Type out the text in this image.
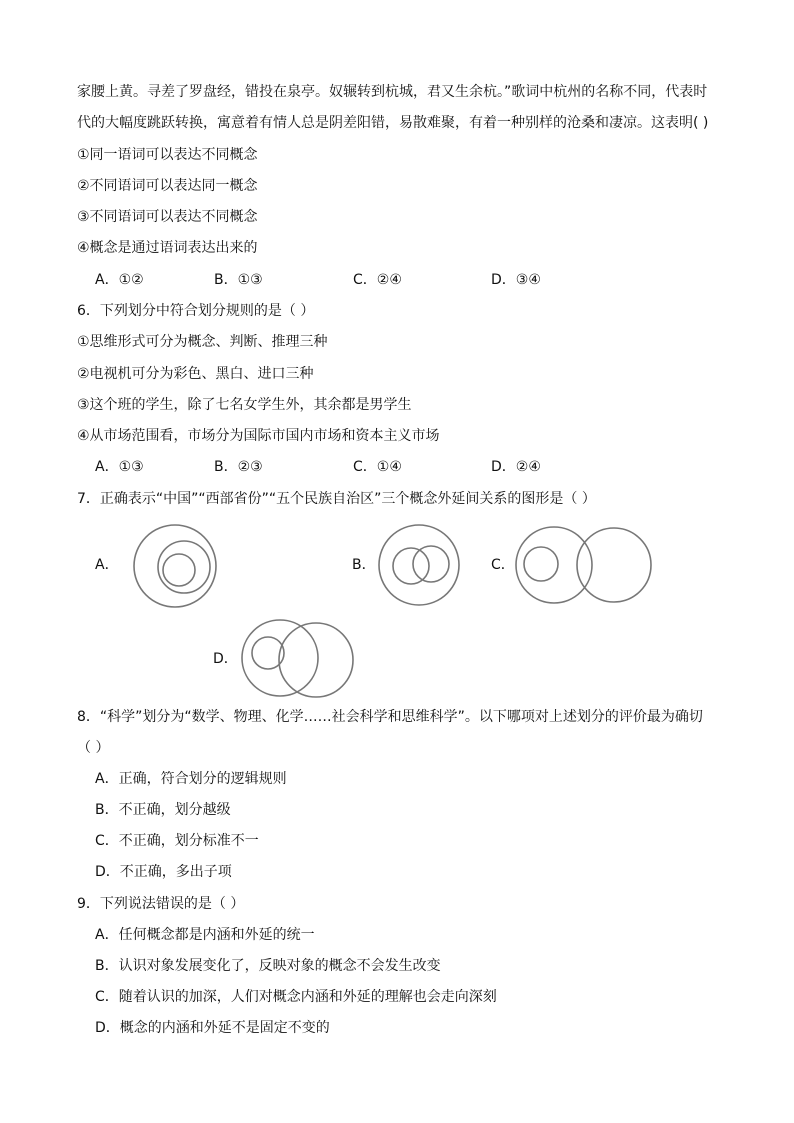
家腰上黄。寻差了罗盘经，错投在泉亭。奴辗转到杭城，君又生余杭。”歌词中杭州的名称不同，代表时
代的大幅度跳跃转换，寓意着有情人总是阴差阳错，易散难聚，有着一种别样的沧桑和凄凉。这表明( )
①同一语词可以表达不同概念
②不同语词可以表达同一概念
③不同语词可以表达不同概念
④概念是通过语词表达出来的
A．①②	B．①③	C．②④	D．③④
6．下列划分中符合划分规则的是（ ）
①思维形式可分为概念、判断、推理三种
②电视机可分为彩色、黑白、进口三种
③这个班的学生，除了七名女学生外，其余都是男学生
④从市场范围看，市场分为国际市国内市场和资本主义市场
A．①③	B．②③	C．①④	D．②④
7．正确表示“中国”“西部省份”“五个民族自治区”三个概念外延间关系的图形是（ ）
A．	B．	C．
D．
8．“科学”划分为“数学、物理、化学……社会科学和思维科学”。以下哪项对上述划分的评价最为确切
（ ）
A．正确，符合划分的逻辑规则
B．不正确，划分越级
C．不正确，划分标准不一
D．不正确，多出子项
9．下列说法错误的是（ ）
A．任何概念都是内涵和外延的统一
B．认识对象发展变化了，反映对象的概念不会发生改变
C．随着认识的加深，人们对概念内涵和外延的理解也会走向深刻
D．概念的内涵和外延不是固定不变的
